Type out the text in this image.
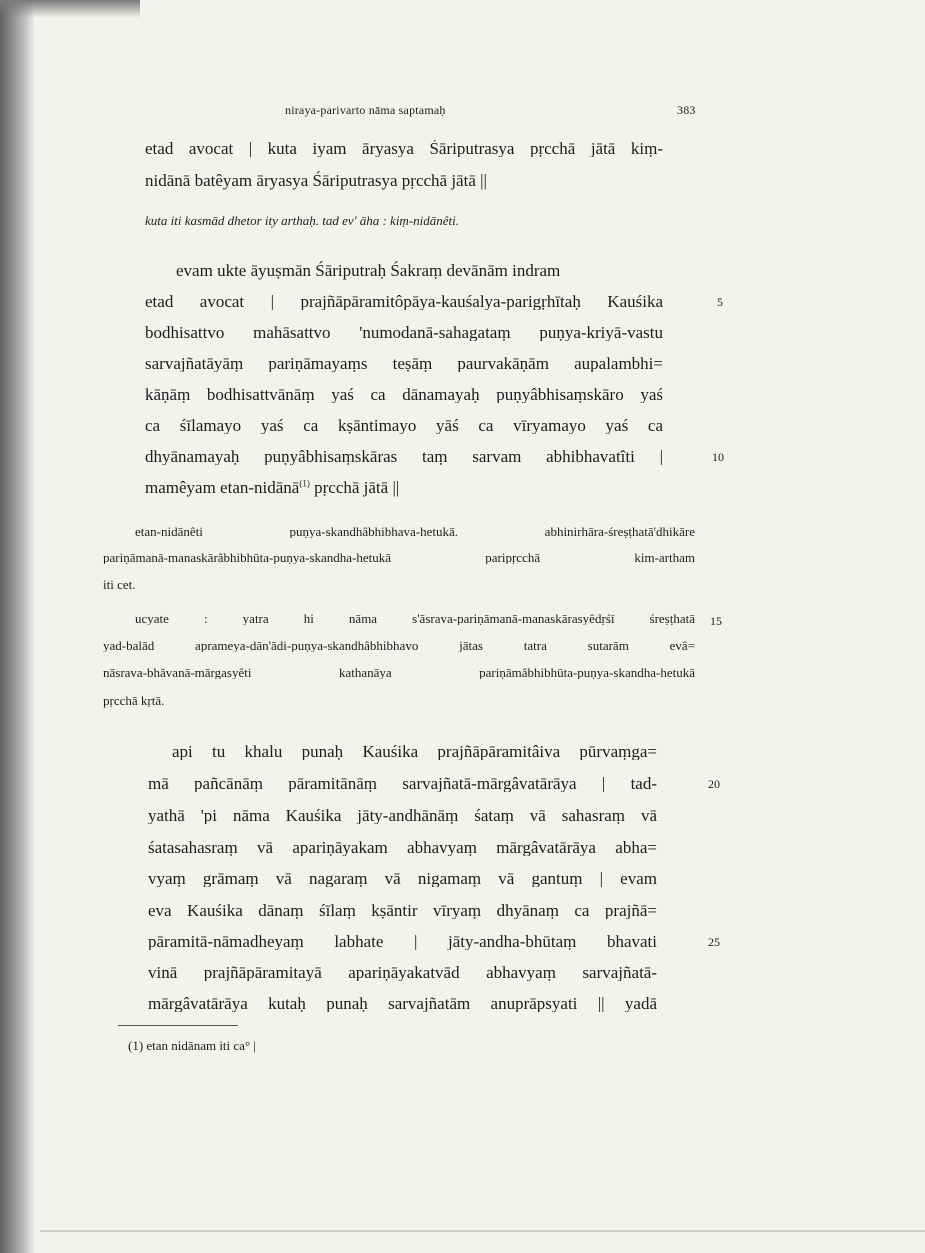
niraya-parivarto nāma saptamaḥ	383

etad avocat | kuta iyam āryasya Śāriputrasya pṛcchā jātā kiṃ-

nidānā batêyam āryasya Śāriputrasya pṛcchā jātā ||

kuta iti kasmād dhetor ity arthaḥ. tad ev' āha : kiṃ-nidānêti.

evam ukte āyuṣmān Śāriputraḥ Śakraṃ devānām indram

etad avocat | prajñāpāramitôpāya-kauśalya-parigṛhītaḥ Kauśika

bodhisattvo mahāsattvo 'numodanā-sahagataṃ puṇya-kriyā-vastu

sarvajñatāyāṃ pariṇāmayaṃs teṣāṃ paurvakāṇām aupalambhi=

kāṇāṃ bodhisattvānāṃ yaś ca dānamayaḥ puṇyâbhisaṃskāro yaś

ca śīlamayo yaś ca kṣāntimayo yāś ca vīryamayo yaś ca

dhyānamayaḥ puṇyâbhisaṃskāras taṃ sarvam abhibhavatîti |

mamêyam etan-nidānā$^{(1)}$ pṛcchā jātā ||

etan-nidānêti puṇya-skandhâbhibhava-hetukā. abhinirhāra-śreṣṭhatā'dhikāre

pariṇāmanā-manaskārâbhibhūta-puṇya-skandha-hetukā paripṛcchā kim-artham

iti cet.

ucyate : yatra hi nāma s'āsrava-pariṇāmanā-manaskārasyêdṛśī śreṣṭhatā

yad-balād aprameya-dān'ādi-puṇya-skandhâbhibhavo jātas tatra sutarām evâ=

nāsrava-bhāvanā-mārgasyêti kathanāya pariṇāmâbhibhūta-puṇya-skandha-hetukā

pṛcchā kṛtā.

api tu khalu punaḥ Kauśika prajñāpāramitâiva pūrvaṃga=

mā pañcānāṃ pāramitānāṃ sarvajñatā-mārgâvatārāya | tad-

yathā 'pi nāma Kauśika jāty-andhānāṃ śataṃ vā sahasraṃ vā

śatasahasraṃ vā apariṇāyakam abhavyaṃ mārgâvatārāya abha=

vyaṃ grāmaṃ vā nagaraṃ vā nigamaṃ vā gantuṃ | evam

eva Kauśika dānaṃ śīlaṃ kṣāntir vīryaṃ dhyānaṃ ca prajñā=

pāramitā-nāmadheyaṃ labhate | jāty-andha-bhūtaṃ bhavati

vinā prajñāpāramitayā apariṇāyakatvād abhavyaṃ sarvajñatā-

mārgâvatārāya kutaḥ punaḥ sarvajñatām anuprāpsyati || yadā

5

10

15

20

25

(1) etan nidānam iti ca° |
